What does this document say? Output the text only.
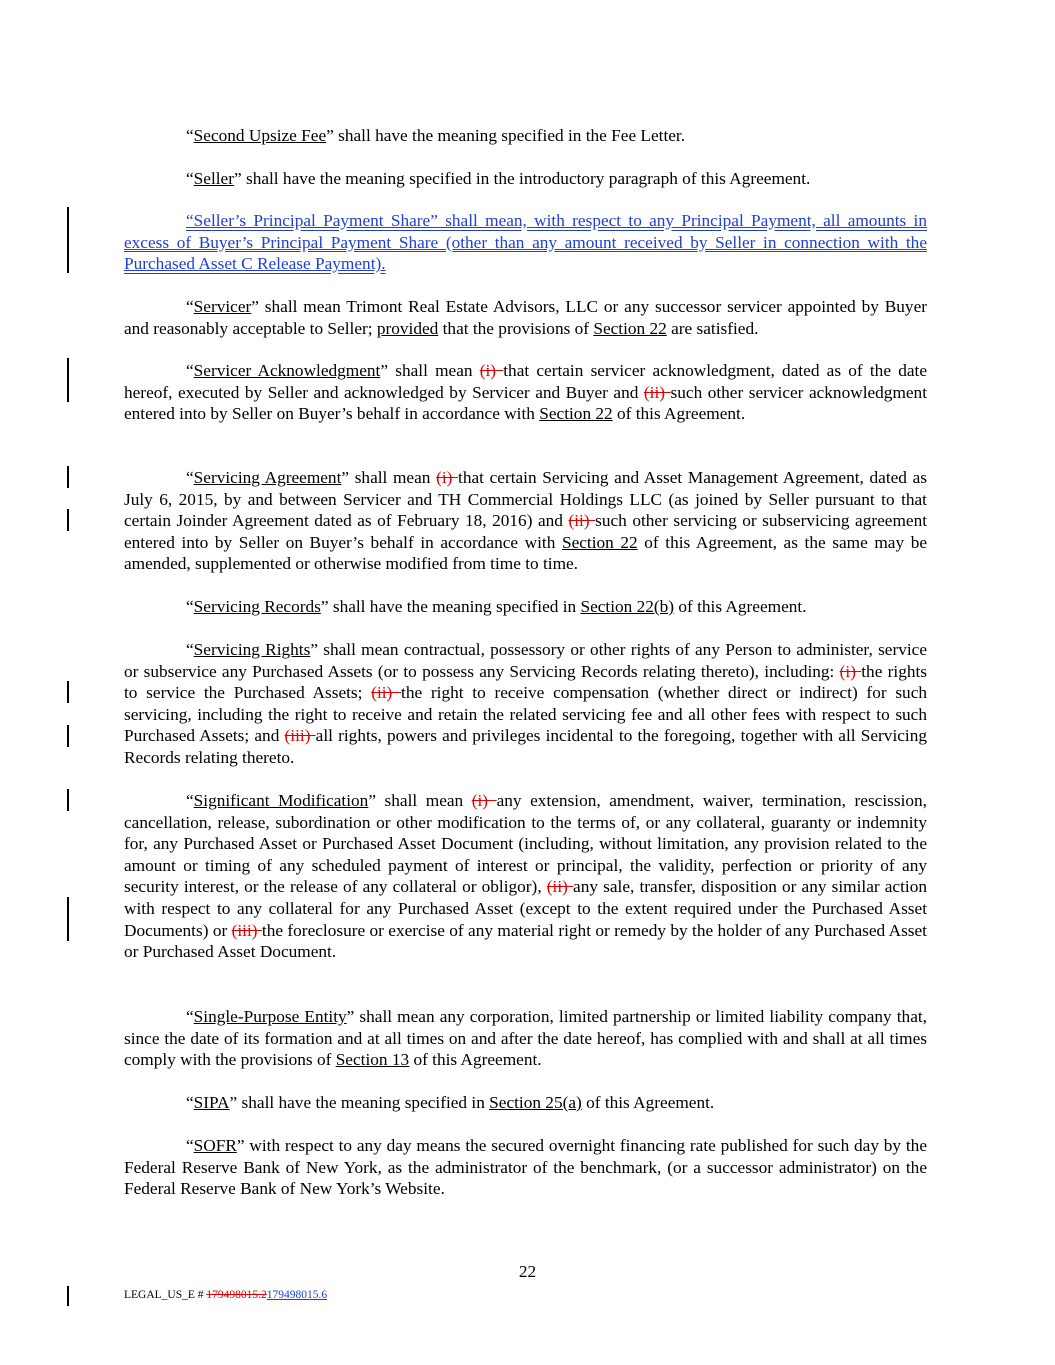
“Second Upsize Fee” shall have the meaning specified in the Fee Letter.

“Seller” shall have the meaning specified in the introductory paragraph of this Agreement.

“Seller’s Principal Payment Share” shall mean, with respect to any Principal Payment, all amounts in excess of Buyer’s Principal Payment Share (other than any amount received by Seller in connection with the Purchased Asset C Release Payment).

“Servicer” shall mean Trimont Real Estate Advisors, LLC or any successor servicer appointed by Buyer and reasonably acceptable to Seller; provided that the provisions of Section 22 are satisfied.

“Servicer Acknowledgment” shall mean (i) that certain servicer acknowledgment, dated as of the date hereof, executed by Seller and acknowledged by Servicer and Buyer and (ii) such other servicer acknowledgment entered into by Seller on Buyer’s behalf in accordance with Section 22 of this Agreement.

“Servicing Agreement” shall mean (i) that certain Servicing and Asset Management Agreement, dated as July 6, 2015, by and between Servicer and TH Commercial Holdings LLC (as joined by Seller pursuant to that certain Joinder Agreement dated as of February 18, 2016) and (ii) such other servicing or subservicing agreement entered into by Seller on Buyer’s behalf in accordance with Section 22 of this Agreement, as the same may be amended, supplemented or otherwise modified from time to time.

“Servicing Records” shall have the meaning specified in Section 22(b) of this Agreement.

“Servicing Rights” shall mean contractual, possessory or other rights of any Person to administer, service or subservice any Purchased Assets (or to possess any Servicing Records relating thereto), including: (i) the rights to service the Purchased Assets; (ii) the right to receive compensation (whether direct or indirect) for such servicing, including the right to receive and retain the related servicing fee and all other fees with respect to such Purchased Assets; and (iii) all rights, powers and privileges incidental to the foregoing, together with all Servicing Records relating thereto.

“Significant Modification” shall mean (i) any extension, amendment, waiver, termination, rescission, cancellation, release, subordination or other modification to the terms of, or any collateral, guaranty or indemnity for, any Purchased Asset or Purchased Asset Document (including, without limitation, any provision related to the amount or timing of any scheduled payment of interest or principal, the validity, perfection or priority of any security interest, or the release of any collateral or obligor), (ii) any sale, transfer, disposition or any similar action with respect to any collateral for any Purchased Asset (except to the extent required under the Purchased Asset Documents) or (iii) the foreclosure or exercise of any material right or remedy by the holder of any Purchased Asset or Purchased Asset Document.

“Single-Purpose Entity” shall mean any corporation, limited partnership or limited liability company that, since the date of its formation and at all times on and after the date hereof, has complied with and shall at all times comply with the provisions of Section 13 of this Agreement.

“SIPA” shall have the meaning specified in Section 25(a) of this Agreement.

“SOFR” with respect to any day means the secured overnight financing rate published for such day by the Federal Reserve Bank of New York, as the administrator of the benchmark, (or a successor administrator) on the Federal Reserve Bank of New York’s Website.

22
LEGAL_US_E # 179498015.2179498015.6
